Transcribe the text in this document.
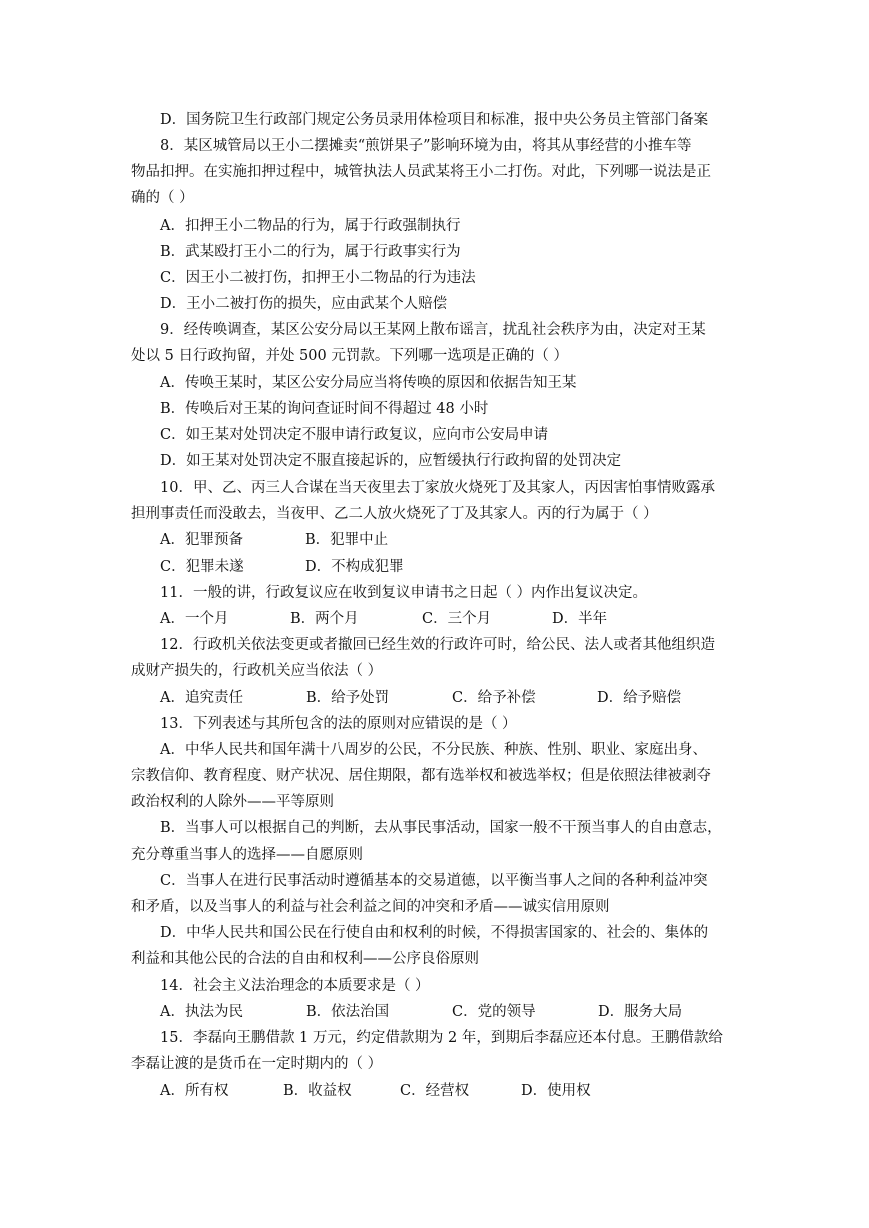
D．国务院卫生行政部门规定公务员录用体检项目和标准，报中央公务员主管部门备案
8．某区城管局以王小二摆摊卖“煎饼果子”影响环境为由，将其从事经营的小推车等
物品扣押。在实施扣押过程中，城管执法人员武某将王小二打伤。对此，下列哪一说法是正
确的（ ）
A．扣押王小二物品的行为，属于行政强制执行
B．武某殴打王小二的行为，属于行政事实行为
C．因王小二被打伤，扣押王小二物品的行为违法
D．王小二被打伤的损失，应由武某个人赔偿
9．经传唤调查，某区公安分局以王某网上散布谣言，扰乱社会秩序为由，决定对王某
处以 5 日行政拘留，并处 500 元罚款。下列哪一选项是正确的（ ）
A．传唤王某时，某区公安分局应当将传唤的原因和依据告知王某
B．传唤后对王某的询问查证时间不得超过 48 小时
C．如王某对处罚决定不服申请行政复议，应向市公安局申请
D．如王某对处罚决定不服直接起诉的，应暂缓执行行政拘留的处罚决定
10．甲、乙、丙三人合谋在当天夜里去丁家放火烧死丁及其家人，丙因害怕事情败露承
担刑事责任而没敢去，当夜甲、乙二人放火烧死了丁及其家人。丙的行为属于（ ）
A．犯罪预备	B．犯罪中止
C．犯罪未遂	D．不构成犯罪
11．一般的讲，行政复议应在收到复议申请书之日起（ ）内作出复议决定。
A．一个月	B．两个月	C．三个月	D．半年
12．行政机关依法变更或者撤回已经生效的行政许可时，给公民、法人或者其他组织造
成财产损失的，行政机关应当依法（ ）
A．追究责任	B．给予处罚	C．给予补偿	D．给予赔偿
13．下列表述与其所包含的法的原则对应错误的是（ ）
A．中华人民共和国年满十八周岁的公民，不分民族、种族、性别、职业、家庭出身、
宗教信仰、教育程度、财产状况、居住期限，都有选举权和被选举权；但是依照法律被剥夺
政治权利的人除外——平等原则
B．当事人可以根据自己的判断，去从事民事活动，国家一般不干预当事人的自由意志，
充分尊重当事人的选择——自愿原则
C．当事人在进行民事活动时遵循基本的交易道德，以平衡当事人之间的各种利益冲突
和矛盾，以及当事人的利益与社会利益之间的冲突和矛盾——诚实信用原则
D．中华人民共和国公民在行使自由和权利的时候，不得损害国家的、社会的、集体的
利益和其他公民的合法的自由和权利——公序良俗原则
14．社会主义法治理念的本质要求是（ ）
A．执法为民	B．依法治国	C．党的领导	D．服务大局
15．李磊向王鹏借款 1 万元，约定借款期为 2 年，到期后李磊应还本付息。王鹏借款给
李磊让渡的是货币在一定时期内的（ ）
A．所有权	B．收益权	C．经营权	D．使用权
